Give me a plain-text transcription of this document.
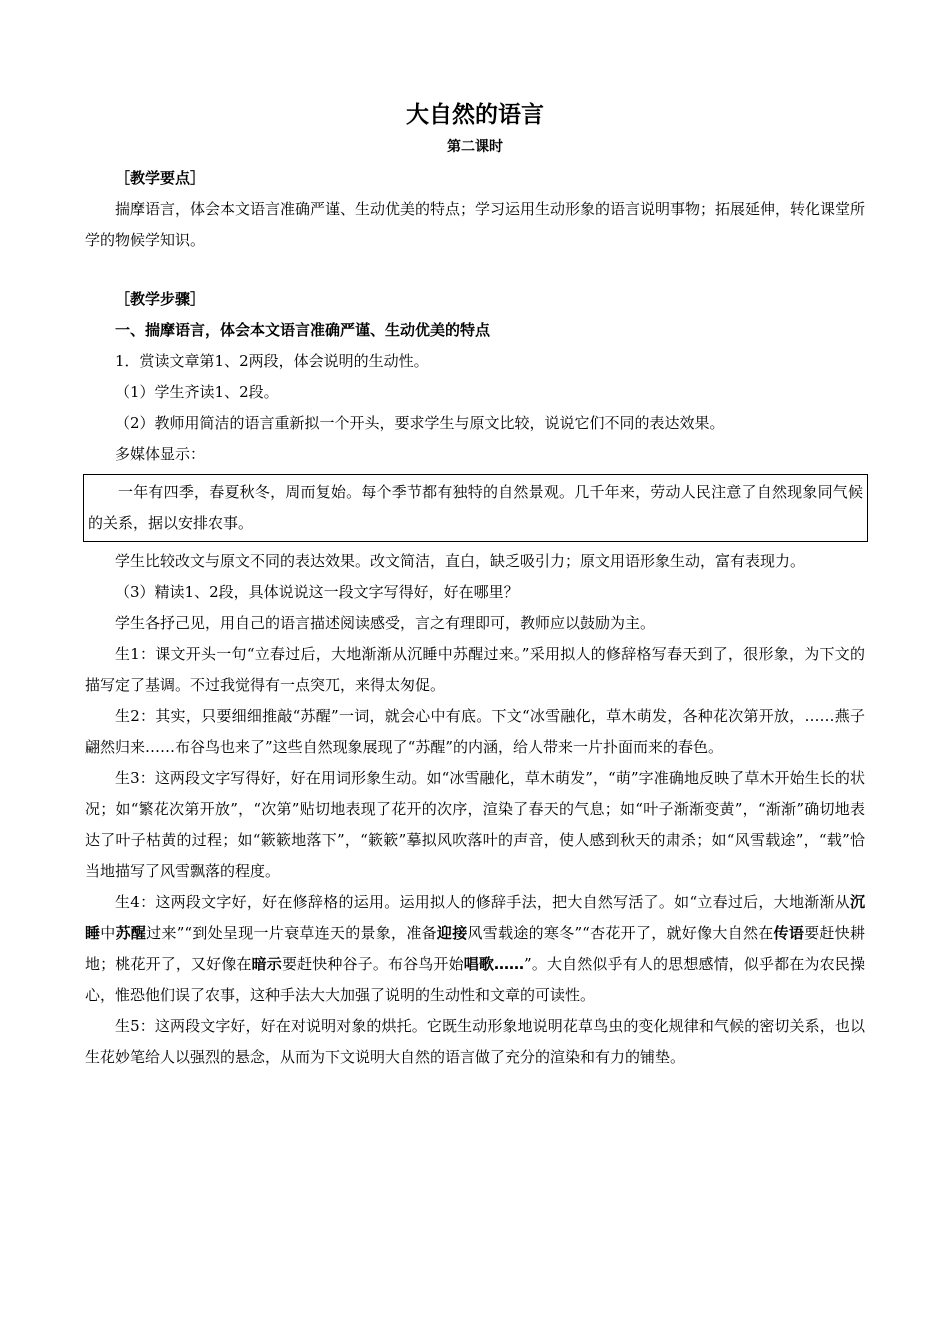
大自然的语言
第二课时

［教学要点］

揣摩语言，体会本文语言准确严谨、生动优美的特点；学习运用生动形象的语言说明事物；拓展延伸，转化课堂所学的物候学知识。

［教学步骤］

一、揣摩语言，体会本文语言准确严谨、生动优美的特点

1．赏读文章第1、2两段，体会说明的生动性。

（1）学生齐读1、2段。

（2）教师用简洁的语言重新拟一个开头，要求学生与原文比较，说说它们不同的表达效果。

多媒体显示：

一年有四季，春夏秋冬，周而复始。每个季节都有独特的自然景观。几千年来，劳动人民注意了自然现象同气候的关系，据以安排农事。

学生比较改文与原文不同的表达效果。改文简洁，直白，缺乏吸引力；原文用语形象生动，富有表现力。

（3）精读1、2段，具体说说这一段文字写得好，好在哪里？

学生各抒己见，用自己的语言描述阅读感受，言之有理即可，教师应以鼓励为主。

生1：课文开头一句“立春过后，大地渐渐从沉睡中苏醒过来。”采用拟人的修辞格写春天到了，很形象，为下文的描写定了基调。不过我觉得有一点突兀，来得太匆促。

生2：其实，只要细细推敲“苏醒”一词，就会心中有底。下文“冰雪融化，草木萌发，各种花次第开放，……燕子翩然归来……布谷鸟也来了”这些自然现象展现了“苏醒”的内涵，给人带来一片扑面而来的春色。

生3：这两段文字写得好，好在用词形象生动。如“冰雪融化，草木萌发”，“萌”字准确地反映了草木开始生长的状况；如“繁花次第开放”，“次第”贴切地表现了花开的次序，渲染了春天的气息；如“叶子渐渐变黄”，“渐渐”确切地表达了叶子枯黄的过程；如“簌簌地落下”，“簌簌”摹拟风吹落叶的声音，使人感到秋天的肃杀；如“风雪载途”，“载”恰当地描写了风雪飘落的程度。

生4：这两段文字好，好在修辞格的运用。运用拟人的修辞手法，把大自然写活了。如“立春过后，大地渐渐从沉睡中苏醒过来”“到处呈现一片衰草连天的景象，准备迎接风雪载途的寒冬”“杏花开了，就好像大自然在传语要赶快耕地；桃花开了，又好像在暗示要赶快种谷子。布谷鸟开始唱歌……”。大自然似乎有人的思想感情，似乎都在为农民操心，惟恐他们误了农事，这种手法大大加强了说明的生动性和文章的可读性。

生5：这两段文字好，好在对说明对象的烘托。它既生动形象地说明花草鸟虫的变化规律和气候的密切关系，也以生花妙笔给人以强烈的悬念，从而为下文说明大自然的语言做了充分的渲染和有力的铺垫。
